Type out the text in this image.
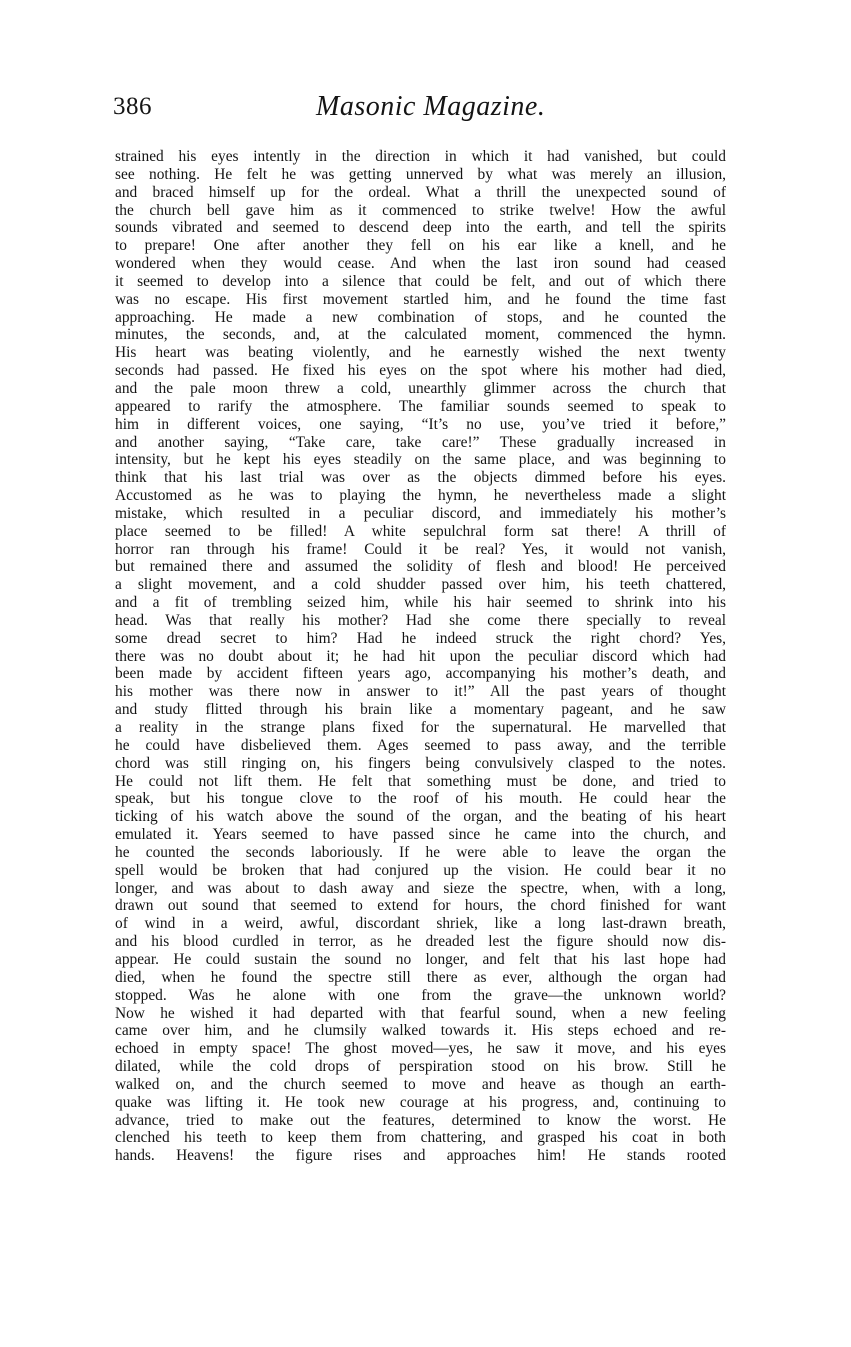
386	Masonic Magazine.
strained his eyes intently in the direction in which it had vanished, but could
see nothing. He felt he was getting unnerved by what was merely an illusion,
and braced himself up for the ordeal. What a thrill the unexpected sound of
the church bell gave him as it commenced to strike twelve! How the awful
sounds vibrated and seemed to descend deep into the earth, and tell the spirits
to prepare! One after another they fell on his ear like a knell, and he
wondered when they would cease. And when the last iron sound had ceased
it seemed to develop into a silence that could be felt, and out of which there
was no escape. His first movement startled him, and he found the time fast
approaching. He made a new combination of stops, and he counted the
minutes, the seconds, and, at the calculated moment, commenced the hymn.
His heart was beating violently, and he earnestly wished the next twenty
seconds had passed. He fixed his eyes on the spot where his mother had died,
and the pale moon threw a cold, unearthly glimmer across the church that
appeared to rarify the atmosphere. The familiar sounds seemed to speak to
him in different voices, one saying, “It’s no use, you’ve tried it before,”
and another saying, “Take care, take care!” These gradually increased in
intensity, but he kept his eyes steadily on the same place, and was beginning to
think that his last trial was over as the objects dimmed before his eyes.
Accustomed as he was to playing the hymn, he nevertheless made a slight
mistake, which resulted in a peculiar discord, and immediately his mother’s
place seemed to be filled! A white sepulchral form sat there! A thrill of
horror ran through his frame! Could it be real? Yes, it would not vanish,
but remained there and assumed the solidity of flesh and blood! He perceived
a slight movement, and a cold shudder passed over him, his teeth chattered,
and a fit of trembling seized him, while his hair seemed to shrink into his
head. Was that really his mother? Had she come there specially to reveal
some dread secret to him? Had he indeed struck the right chord? Yes,
there was no doubt about it; he had hit upon the peculiar discord which had
been made by accident fifteen years ago, accompanying his mother’s death, and
his mother was there now in answer to it!” All the past years of thought
and study flitted through his brain like a momentary pageant, and he saw
a reality in the strange plans fixed for the supernatural. He marvelled that
he could have disbelieved them. Ages seemed to pass away, and the terrible
chord was still ringing on, his fingers being convulsively clasped to the notes.
He could not lift them. He felt that something must be done, and tried to
speak, but his tongue clove to the roof of his mouth. He could hear the
ticking of his watch above the sound of the organ, and the beating of his heart
emulated it. Years seemed to have passed since he came into the church, and
he counted the seconds laboriously. If he were able to leave the organ the
spell would be broken that had conjured up the vision. He could bear it no
longer, and was about to dash away and sieze the spectre, when, with a long,
drawn out sound that seemed to extend for hours, the chord finished for want
of wind in a weird, awful, discordant shriek, like a long last-drawn breath,
and his blood curdled in terror, as he dreaded lest the figure should now dis-
appear. He could sustain the sound no longer, and felt that his last hope had
died, when he found the spectre still there as ever, although the organ had
stopped. Was he alone with one from the grave—the unknown world?
Now he wished it had departed with that fearful sound, when a new feeling
came over him, and he clumsily walked towards it. His steps echoed and re-
echoed in empty space! The ghost moved—yes, he saw it move, and his eyes
dilated, while the cold drops of perspiration stood on his brow. Still he
walked on, and the church seemed to move and heave as though an earth-
quake was lifting it. He took new courage at his progress, and, continuing to
advance, tried to make out the features, determined to know the worst. He
clenched his teeth to keep them from chattering, and grasped his coat in both
hands. Heavens! the figure rises and approaches him! He stands rooted
